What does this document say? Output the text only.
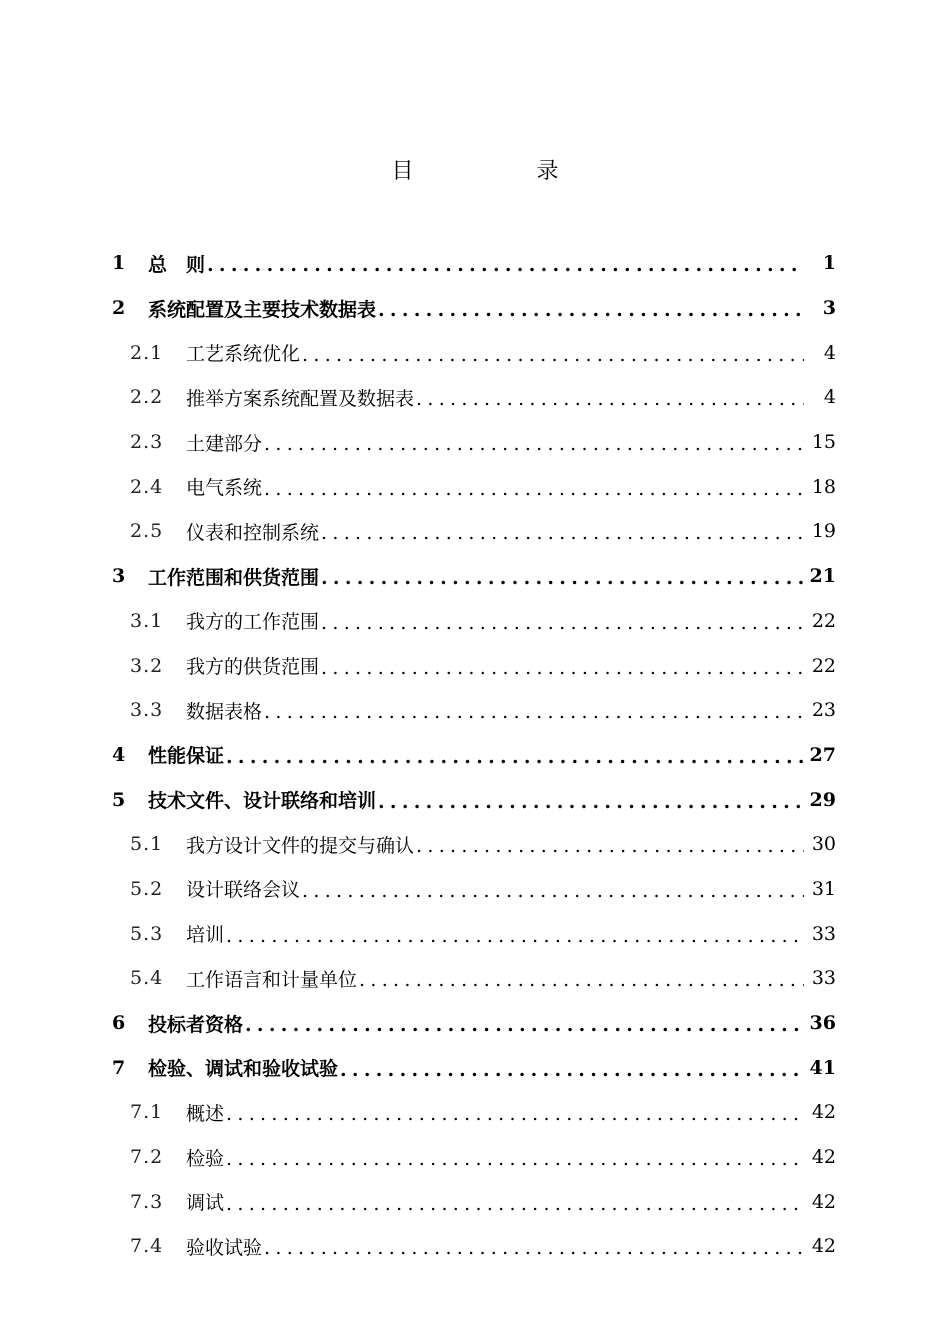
目 录
1	总　则 .....	1
2	系统配置及主要技术数据表 .....	3
2.1	工艺系统优化 .....	4
2.2	推举方案系统配置及数据表 .....	4
2.3	土建部分 .....	15
2.4	电气系统 .....	18
2.5	仪表和控制系统 .....	19
3	工作范围和供货范围 .....	21
3.1	我方的工作范围 .....	22
3.2	我方的供货范围 .....	22
3.3	数据表格 .....	23
4	性能保证 .....	27
5	技术文件、设计联络和培训 .....	29
5.1	我方设计文件的提交与确认 .....	30
5.2	设计联络会议 .....	31
5.3	培训 .....	33
5.4	工作语言和计量单位 .....	33
6	投标者资格 .....	36
7	检验、调试和验收试验 .....	41
7.1	概述 .....	42
7.2	检验 .....	42
7.3	调试 .....	42
7.4	验收试验 .....	42
